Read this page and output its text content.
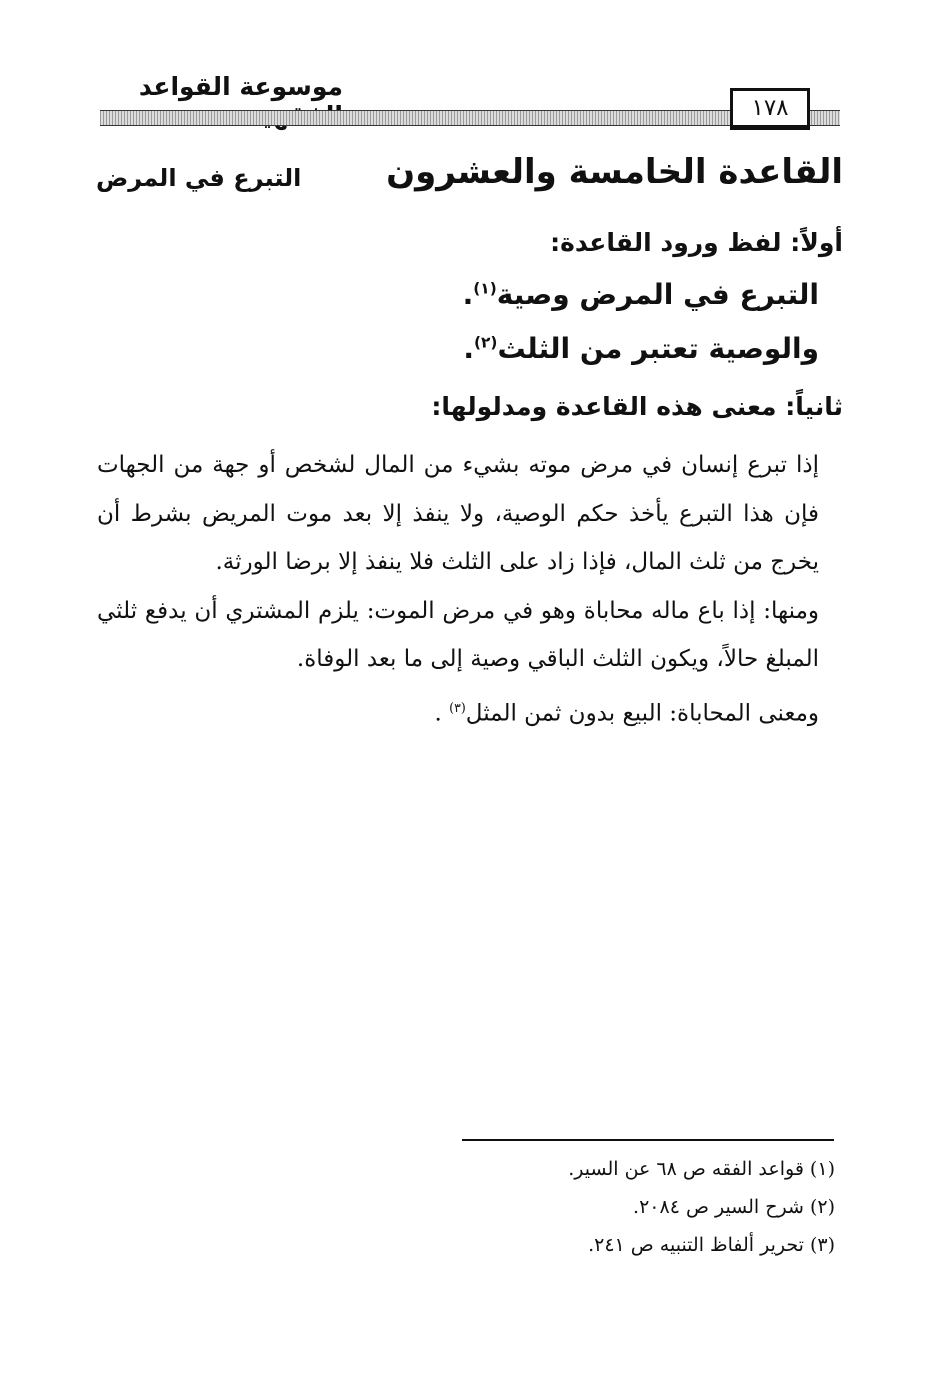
موسوعة القواعد
١٧٨
القاعدة الخامسة والعشرون
التبرع في المرض
أولاً: لفظ ورود القاعدة:
التبرع في المرض وصية$^{(١)}$.
والوصية تعتبر من الثلث$^{(٢)}$.
ثانياً: معنى هذه القاعدة ومدلولها:

إذا تبرع إنسان في مرض موته بشيء من المال لشخص أو جهة من الجهات فإن هذا التبرع يأخذ حكم الوصية، ولا ينفذ إلا بعد موت المريض بشرط أن يخرج من ثلث المال، فإذا زاد على الثلث فلا ينفذ إلا برضا الورثة.

ومنها: إذا باع ماله محاباة وهو في مرض الموت: يلزم المشتري أن يدفع ثلثي المبلغ حالاً، ويكون الثلث الباقي وصية إلى ما بعد الوفاة.

ومعنى المحاباة: البيع بدون ثمن المثل$^{(٣)}$ .

(١) قواعد الفقه ص ٦٨ عن السير.
(٢) شرح السير ص ٢٠٨٤.
(٣) تحرير ألفاظ التنبيه ص ٢٤١.
